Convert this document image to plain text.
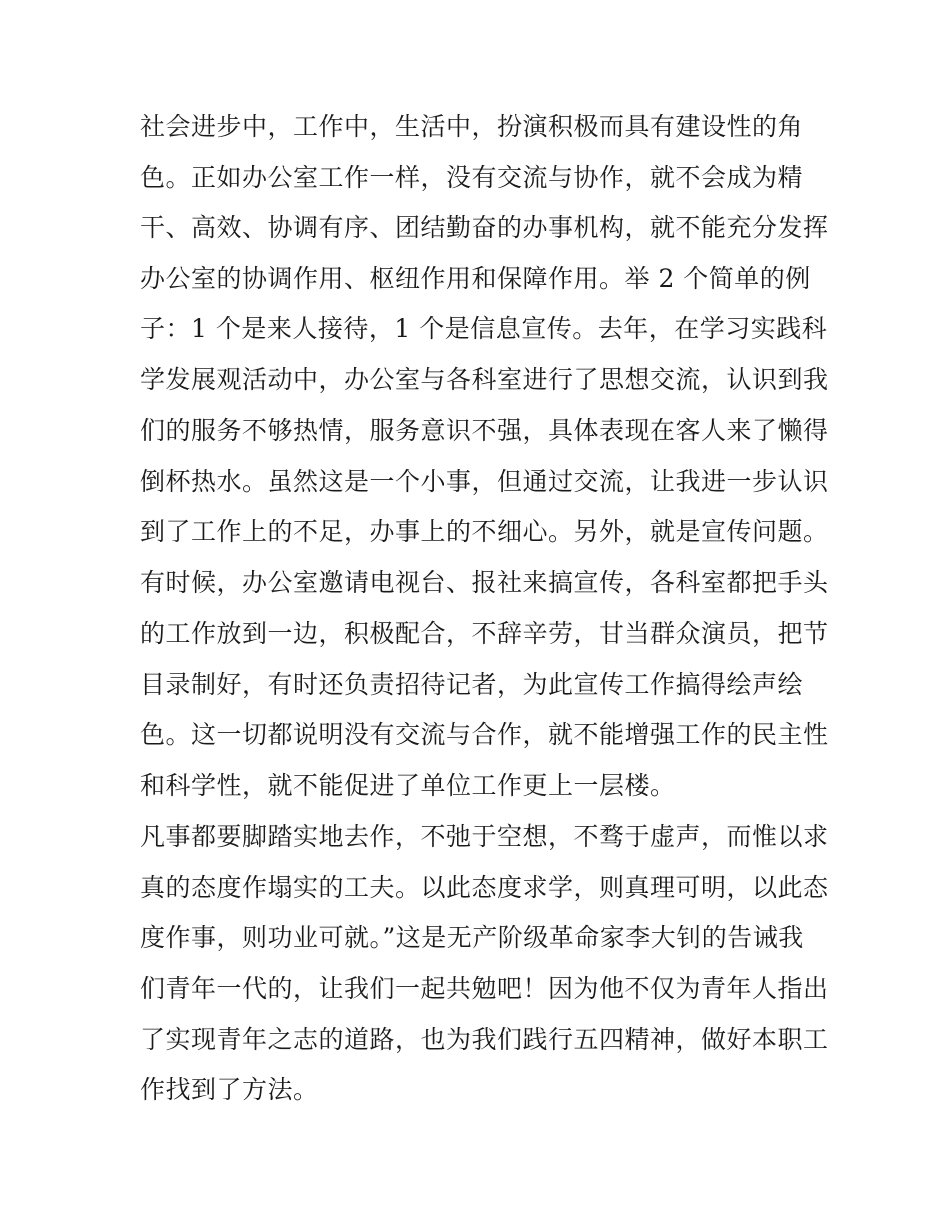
社会进步中，工作中，生活中，扮演积极而具有建设性的角
色。正如办公室工作一样，没有交流与协作，就不会成为精
干、高效、协调有序、团结勤奋的办事机构，就不能充分发挥
办公室的协调作用、枢纽作用和保障作用。举 2 个简单的例
子：1 个是来人接待，1 个是信息宣传。去年，在学习实践科
学发展观活动中，办公室与各科室进行了思想交流，认识到我
们的服务不够热情，服务意识不强，具体表现在客人来了懒得
倒杯热水。虽然这是一个小事，但通过交流，让我进一步认识
到了工作上的不足，办事上的不细心。另外，就是宣传问题。
有时候，办公室邀请电视台、报社来搞宣传，各科室都把手头
的工作放到一边，积极配合，不辞辛劳，甘当群众演员，把节
目录制好，有时还负责招待记者，为此宣传工作搞得绘声绘
色。这一切都说明没有交流与合作，就不能增强工作的民主性
和科学性，就不能促进了单位工作更上一层楼。
凡事都要脚踏实地去作，不弛于空想，不骛于虚声，而惟以求
真的态度作塌实的工夫。以此态度求学，则真理可明，以此态
度作事，则功业可就。”这是无产阶级革命家李大钊的告诫我
们青年一代的，让我们一起共勉吧！因为他不仅为青年人指出
了实现青年之志的道路，也为我们践行五四精神，做好本职工
作找到了方法。
